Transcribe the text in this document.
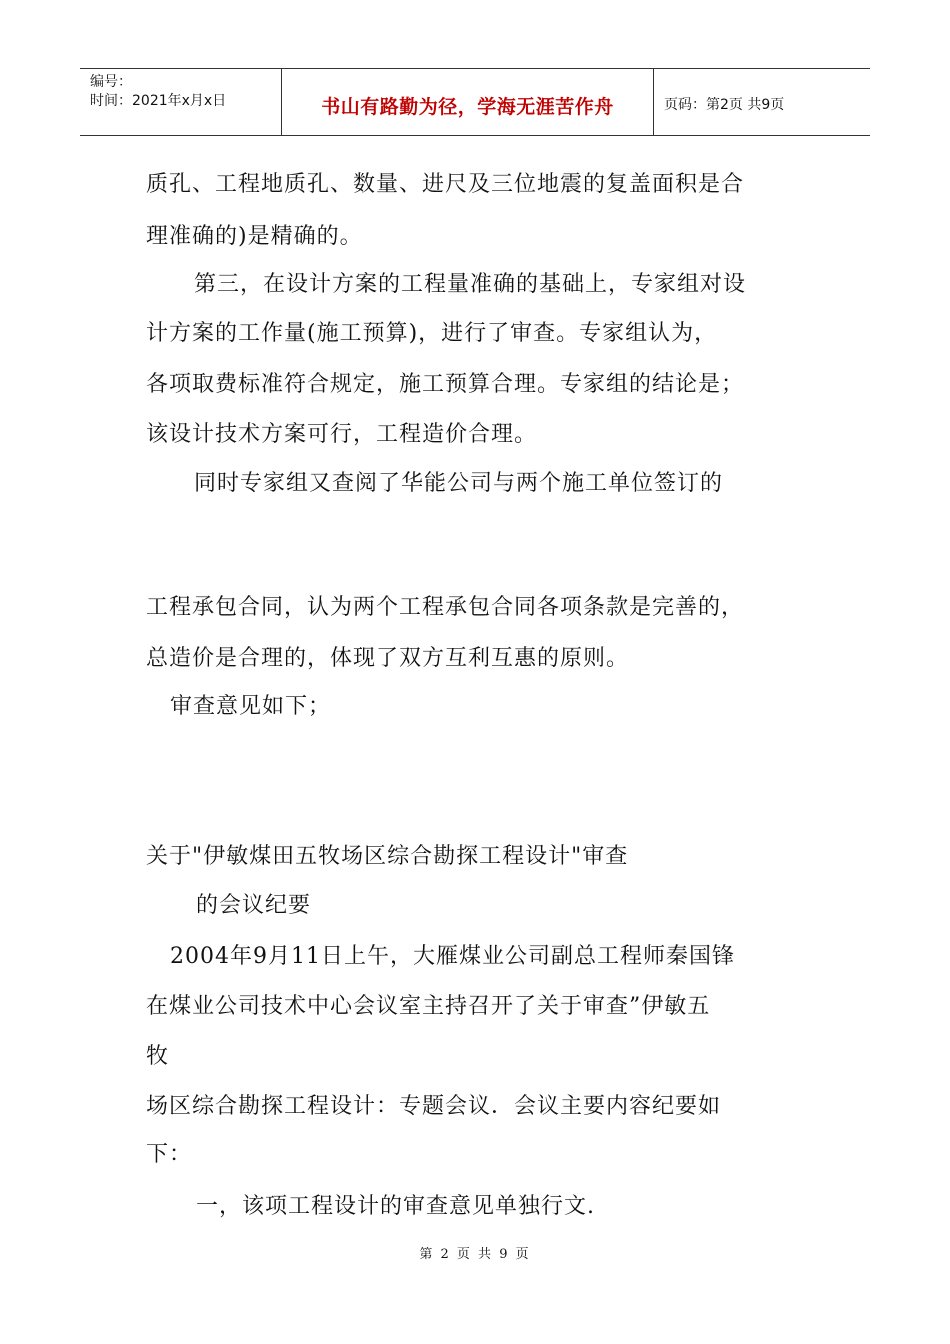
编号：
时间：2021年x月x日	书山有路勤为径，学海无涯苦作舟	页码：第2页 共9页
质孔、工程地质孔、数量、进尺及三位地震的复盖面积是合
理准确的)是精确的。
第三，在设计方案的工程量准确的基础上，专家组对设
计方案的工作量(施工预算)，进行了审查。专家组认为，
各项取费标准符合规定，施工预算合理。专家组的结论是；
该设计技术方案可行，工程造价合理。
同时专家组又查阅了华能公司与两个施工单位签订的
工程承包合同，认为两个工程承包合同各项条款是完善的，
总造价是合理的，体现了双方互利互惠的原则。
审查意见如下；
关于"伊敏煤田五牧场区综合勘探工程设计"审查
的会议纪要
2004年9月11日上午，大雁煤业公司副总工程师秦国锋
在煤业公司技术中心会议室主持召开了关于审查”伊敏五
牧
场区综合勘探工程设计：专题会议．会议主要内容纪要如
下：
一，该项工程设计的审查意见单独行文.
第 2 页 共 9 页
